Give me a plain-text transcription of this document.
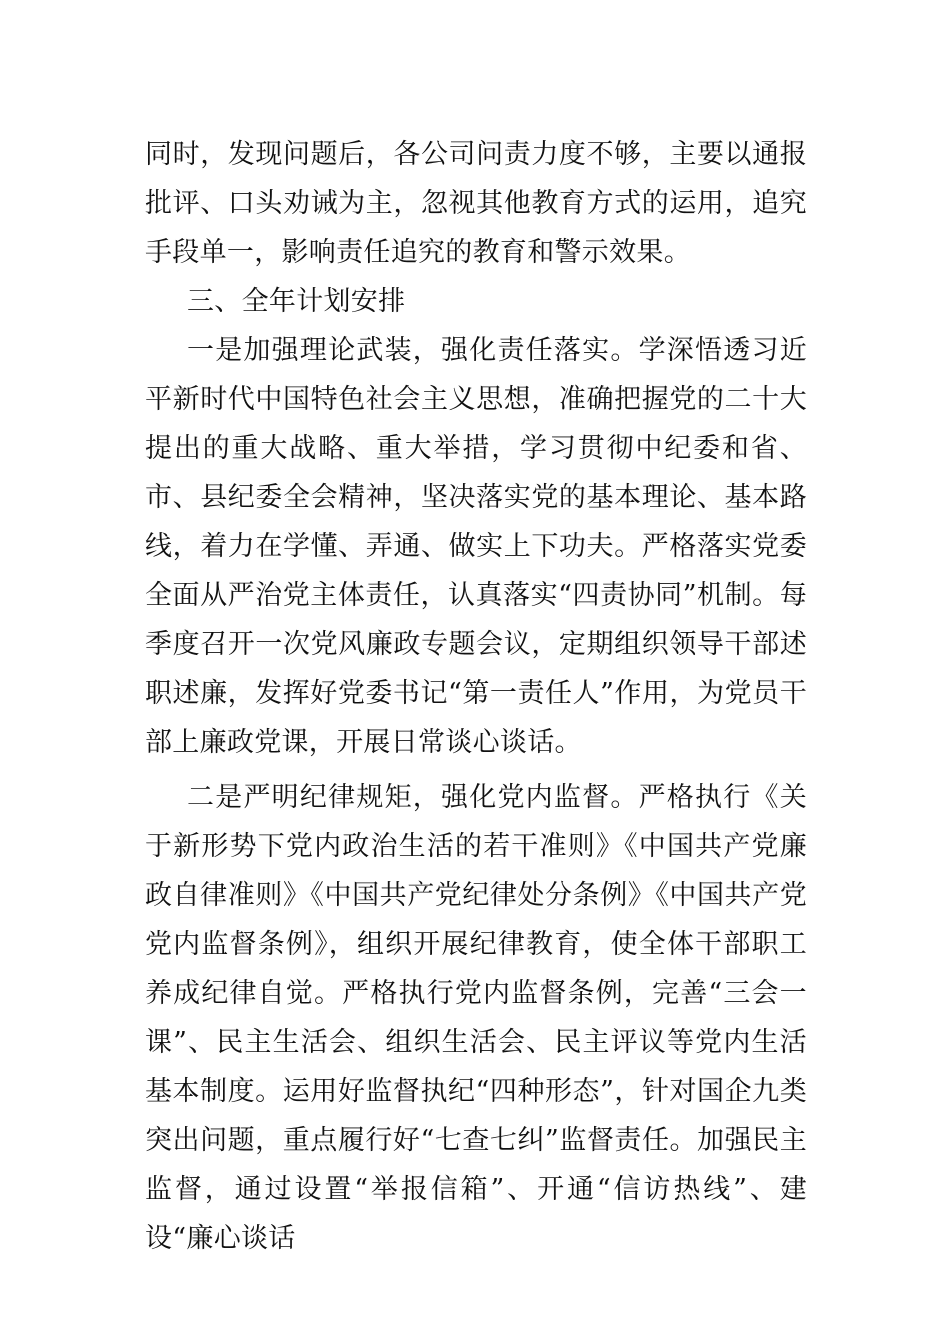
同时，发现问题后，各公司问责力度不够，主要以通报批评、口头劝诫为主，忽视其他教育方式的运用，追究手段单一，影响责任追究的教育和警示效果。

三、全年计划安排

一是加强理论武装，强化责任落实。学深悟透习近平新时代中国特色社会主义思想，准确把握党的二十大提出的重大战略、重大举措，学习贯彻中纪委和省、市、县纪委全会精神，坚决落实党的基本理论、基本路线，着力在学懂、弄通、做实上下功夫。严格落实党委全面从严治党主体责任，认真落实“四责协同”机制。每季度召开一次党风廉政专题会议，定期组织领导干部述职述廉，发挥好党委书记“第一责任人”作用，为党员干部上廉政党课，开展日常谈心谈话。

二是严明纪律规矩，强化党内监督。严格执行《关于新形势下党内政治生活的若干准则》《中国共产党廉政自律准则》《中国共产党纪律处分条例》《中国共产党党内监督条例》，组织开展纪律教育，使全体干部职工养成纪律自觉。严格执行党内监督条例，完善“三会一课”、民主生活会、组织生活会、民主评议等党内生活基本制度。运用好监督执纪“四种形态”，针对国企九类突出问题，重点履行好“七查七纠”监督责任。加强民主监督，通过设置“举报信箱”、开通“信访热线”、建设“廉心谈话
